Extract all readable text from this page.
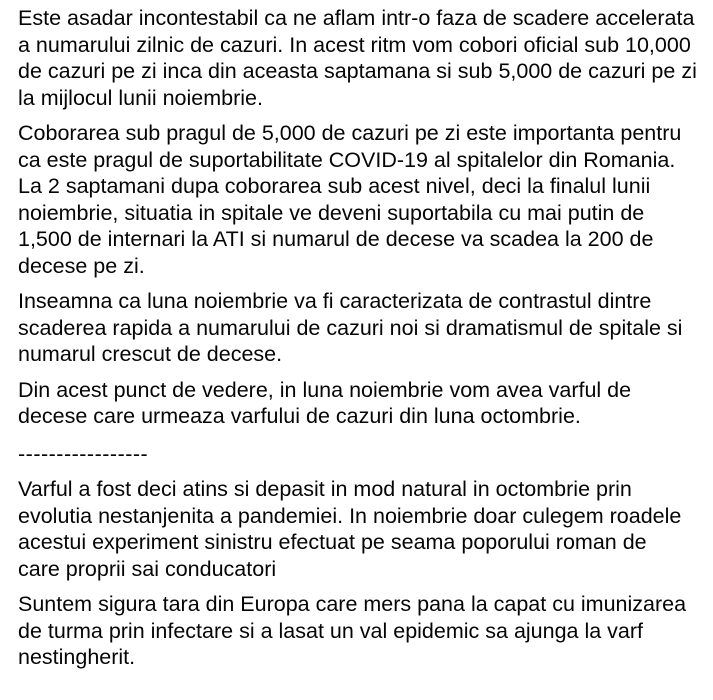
Este asadar incontestabil ca ne aflam intr-o faza de scadere accelerata
a numarului zilnic de cazuri. In acest ritm vom cobori oficial sub 10,000
de cazuri pe zi inca din aceasta saptamana si sub 5,000 de cazuri pe zi
la mijlocul lunii noiembrie.

Coborarea sub pragul de 5,000 de cazuri pe zi este importanta pentru
ca este pragul de suportabilitate COVID-19 al spitalelor din Romania.
La 2 saptamani dupa coborarea sub acest nivel, deci la finalul lunii
noiembrie, situatia in spitale ve deveni suportabila cu mai putin de
1,500 de internari la ATI si numarul de decese va scadea la 200 de
decese pe zi.

Inseamna ca luna noiembrie va fi caracterizata de contrastul dintre
scaderea rapida a numarului de cazuri noi si dramatismul de spitale si
numarul crescut de decese.

Din acest punct de vedere, in luna noiembrie vom avea varful de
decese care urmeaza varfului de cazuri din luna octombrie.

-----------------

Varful a fost deci atins si depasit in mod natural in octombrie prin
evolutia nestanjenita a pandemiei. In noiembrie doar culegem roadele
acestui experiment sinistru efectuat pe seama poporului roman de
care proprii sai conducatori

Suntem sigura tara din Europa care mers pana la capat cu imunizarea
de turma prin infectare si a lasat un val epidemic sa ajunga la varf
nestingherit.
